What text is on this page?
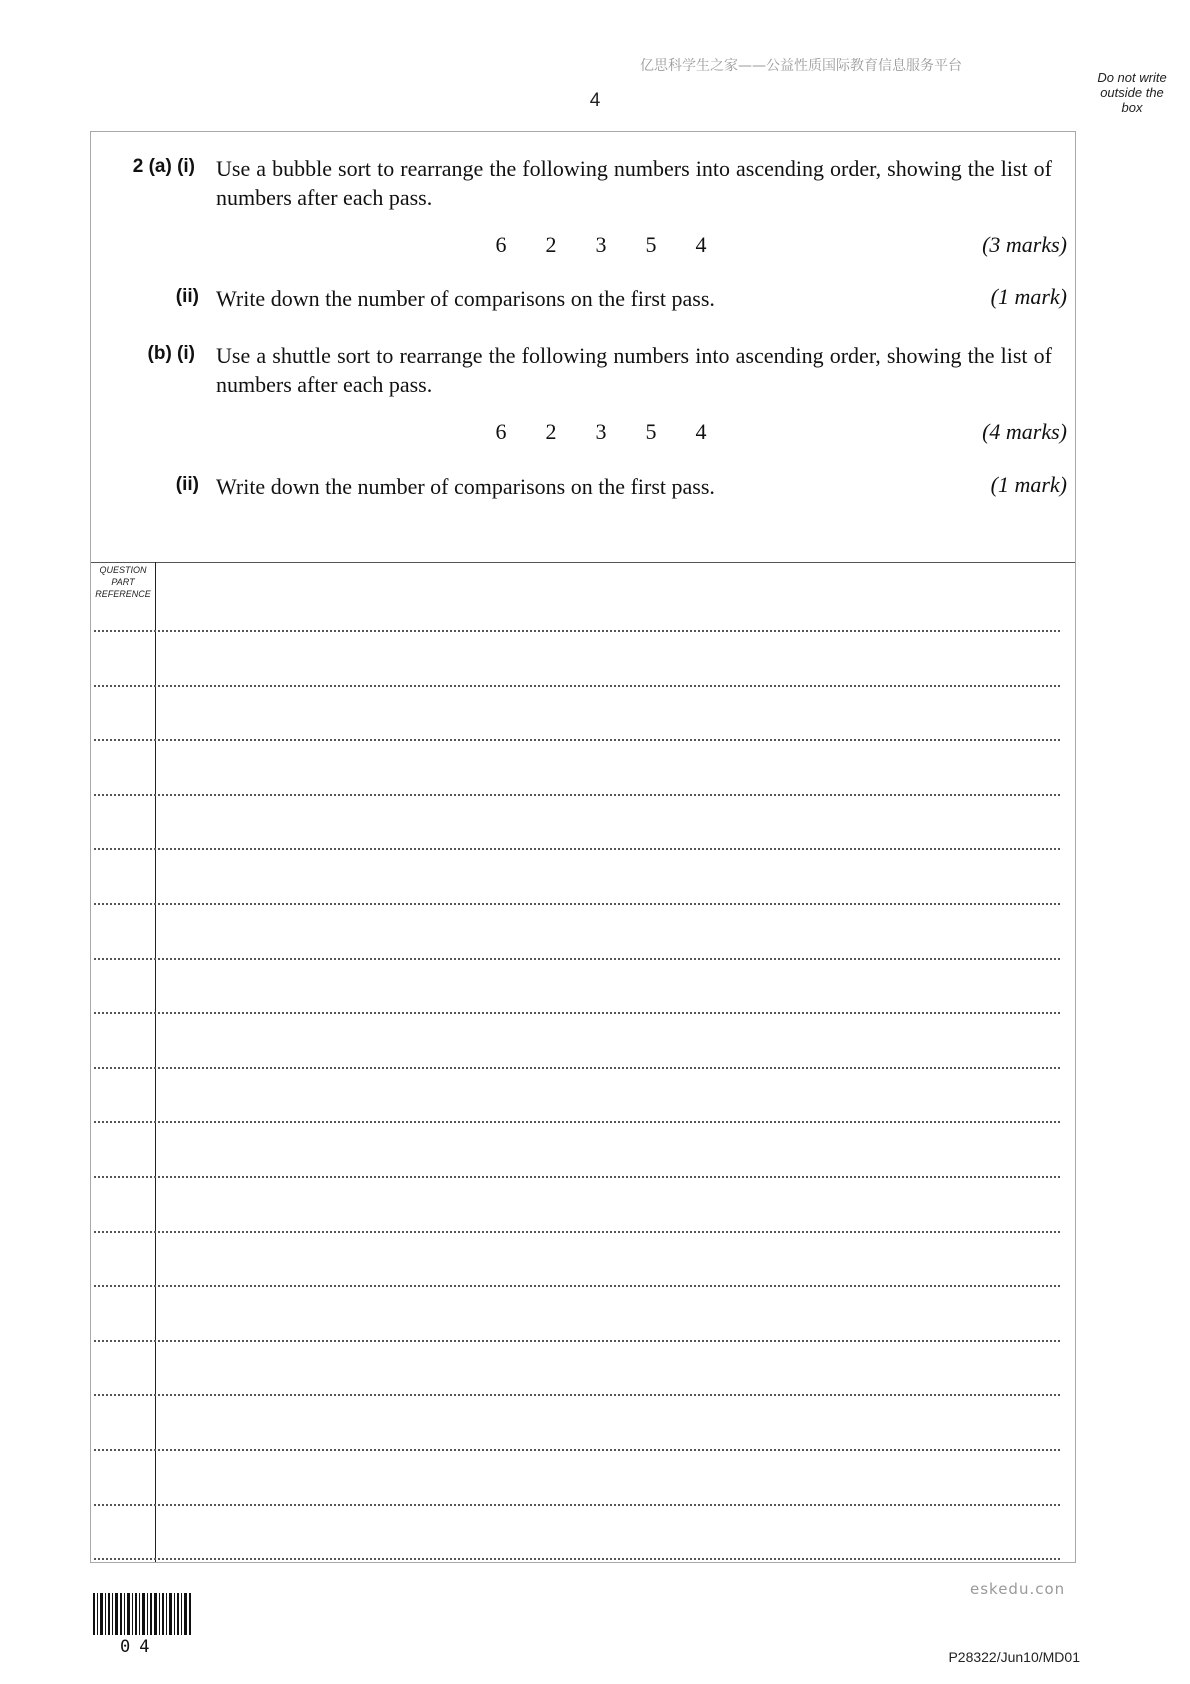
亿思科学生之家——公益性质国际教育信息服务平台
4
Do not write outside the box
2 (a) (i) Use a bubble sort to rearrange the following numbers into ascending order, showing the list of numbers after each pass.
6 2 3 5 4	(3 marks)
(ii) Write down the number of comparisons on the first pass.	(1 mark)
(b) (i) Use a shuttle sort to rearrange the following numbers into ascending order, showing the list of numbers after each pass.
6 2 3 5 4	(4 marks)
(ii) Write down the number of comparisons on the first pass.	(1 mark)
QUESTION PART REFERENCE
eskedu.con
04	P28322/Jun10/MD01
